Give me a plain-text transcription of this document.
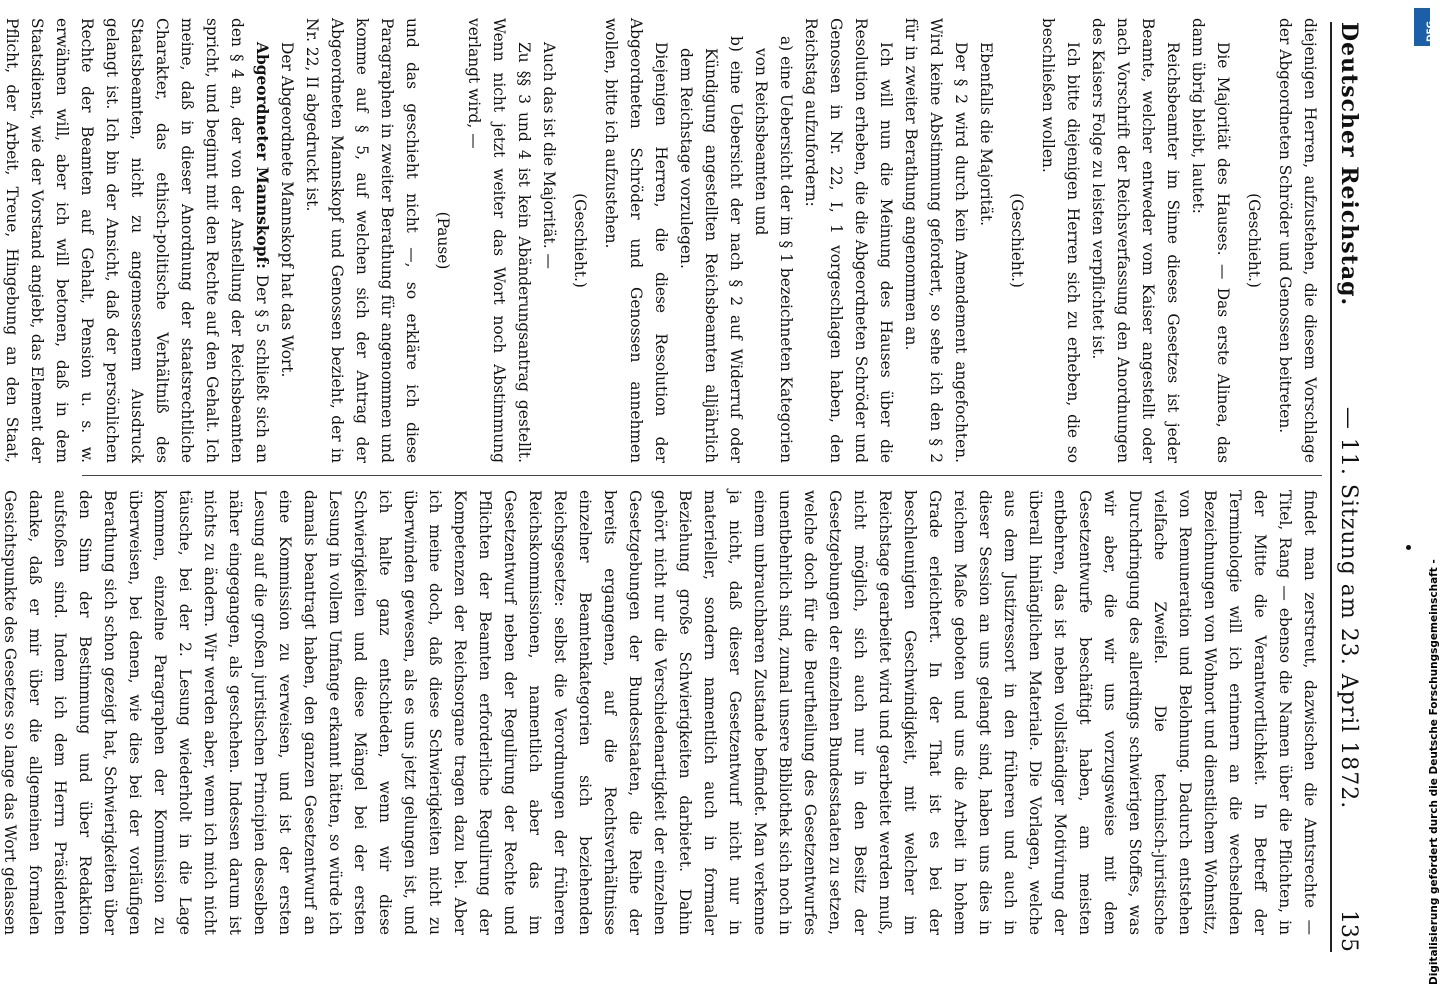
Deutscher Reichstag.
— 11. Sitzung am 23. April 1872.
135
diejenigen Herren, aufzustehen, die diesem Vorschlage der Abgeordneten Schröder und Genossen beitreten.
(Geschieht.)
Die Majorität des Hauses. — Das erste Alinea, das dann übrig bleibt, lautet:
Reichsbeamter im Sinne dieses Gesetzes ist jeder Beamte, welcher entweder vom Kaiser angestellt oder nach Vorschrift der Reichsverfassung den Anordnungen des Kaisers Folge zu leisten verpflichtet ist.
Ich bitte diejenigen Herren sich zu erheben, die so beschließen wollen.
(Geschieht.)
Ebenfalls die Majorität.
Der § 2 wird durch kein Amendement angefochten. Wird keine Abstimmung gefordert, so sehe ich den § 2 für in zweiter Berathung angenommen an.
Ich will nun die Meinung des Hauses über die Resolution erheben, die die Abgeordneten Schröder und Genossen in Nr. 22, I, 1 vorgeschlagen haben, den Reichstag aufzufordern:
a) eine Uebersicht der im § 1 bezeichneten Kategorien von Reichsbeamten und
b) eine Uebersicht der nach § 2 auf Widerruf oder Kündigung angestellten Reichsbeamten alljährlich dem Reichstage vorzulegen.
Diejenigen Herren, die diese Resolution der Abgeordneten Schröder und Genossen annehmen wollen, bitte ich aufzustehen.
(Geschieht.)
Auch das ist die Majorität. —
Zu §§ 3 und 4 ist kein Abänderungsantrag gestellt. Wenn nicht jetzt weiter das Wort noch Abstimmung verlangt wird, —
(Pause)
und das geschieht nicht —, so erkläre ich diese Paragraphen in zweiter Berathung für angenommen und komme auf § 5, auf welchen sich der Antrag der Abgeordneten Mannskopf und Genossen bezieht, der in Nr. 22, II abgedruckt ist.
Der Abgeordnete Mannskopf hat das Wort.
Abgeordneter Mannskopf: Der § 5 schließt sich an den § 4 an, der von der Anstellung der Reichsbeamten spricht, und beginnt mit den Rechte auf den Gehalt. Ich meine, daß in dieser Anordnung der staatsrechtliche Charakter, das ethisch-politische Verhältniß des Staatsbeamten, nicht zu angemessenem Ausdruck gelangt ist. Ich bin der Ansicht, daß der persönlichen Rechte der Beamten auf Gehalt, Pension u. s. w. erwähnen will, aber ich will betonen, daß in dem Staatsdienst, wie der Vorstand angiebt, das Element der Pflicht, der Arbeit, Treue, Hingebung an den Staat,
findet man zerstreut, dazwischen die Amtsrechte — Titel, Rang — ebenso die Namen über die Pflichten, in der Mitte die Verantwortlichkeit. In Betreff der Terminologie will ich erinnern an die wechselnden Bezeichnungen von Wohnort und dienstlichem Wohnsitz, von Remuneration und Belohnung. Dadurch entstehen vielfache Zweifel. Die technisch-juristische Durchdringung des allerdings schwierigen Stoffes, was wir aber, die wir uns vorzugsweise mit dem Gesetzentwurfe beschäftigt haben, am meisten entbehren, das ist neben vollständiger Motivirung der überall hinlänglichen Materiale. Die Vorlagen, welche aus dem Justizressort in den früheren und auch in dieser Session an uns gelangt sind, haben uns dies in reichem Maße geboten und uns die Arbeit in hohem Grade erleichtert. In der That ist es bei der beschleunigten Geschwindigkeit, mit welcher im Reichstage gearbeitet wird und gearbeitet werden muß, nicht möglich, sich auch nur in den Besitz der Gesetzgebungen der einzelnen Bundesstaaten zu setzen, welche doch für die Beurtheilung des Gesetzentwurfes unentbehrlich sind, zumal unsere Bibliothek sich noch in einem unbrauchbaren Zustande befindet. Man verkenne ja nicht, daß dieser Gesetzentwurf nicht nur in materieller, sondern namentlich auch in formaler Beziehung große Schwierigkeiten darbietet. Dahin gehört nicht nur die Verschiedenartigkeit der einzelnen Gesetzgebungen der Bundesstaaten, die Reihe der bereits ergangenen, auf die Rechtsverhältnisse einzelner Beamtenkategorien sich beziehenden Reichsgesetze: selbst die Verordnungen der früheren Reichskommissionen, namentlich aber das im Gesetzentwurf neben der Regulirung der Rechte und Pflichten der Beamten erforderliche Regulirung der Kompetenzen der Reichsorgane tragen dazu bei. Aber ich meine doch, daß diese Schwierigkeiten nicht zu überwinden gewesen, als es uns jetzt gelungen ist, und ich halte ganz entschieden, wenn wir diese Schwierigkeiten und diese Mängel bei der ersten Lesung in vollem Umfange erkannt hätten, so würde ich damals beantragt haben, den ganzen Gesetzentwurf an eine Kommission zu verweisen, und ist der ersten Lesung auf die großen juristischen Principien desselben näher eingegangen, als geschehen. Indessen darum ist nichts zu ändern. Wir werden aber, wenn ich mich nicht täusche, bei der 2. Lesung wiederholt in die Lage kommen, einzelne Paragraphen der Kommission zu überweisen, bei denen, wie dies bei der vorläufigen Berathung sich schon gezeigt hat, Schwierigkeiten über den Sinn der Bestimmung und über Redaktion aufstoßen sind. Indem ich dem Herrn Präsidenten danke, daß er mir über die allgemeinen formalen Gesichtspunkte des Gesetzes so lange das Wort gelassen
DFG
Digitalisierung gefördert durch die Deutsche Forschungsgemeinschaft -
